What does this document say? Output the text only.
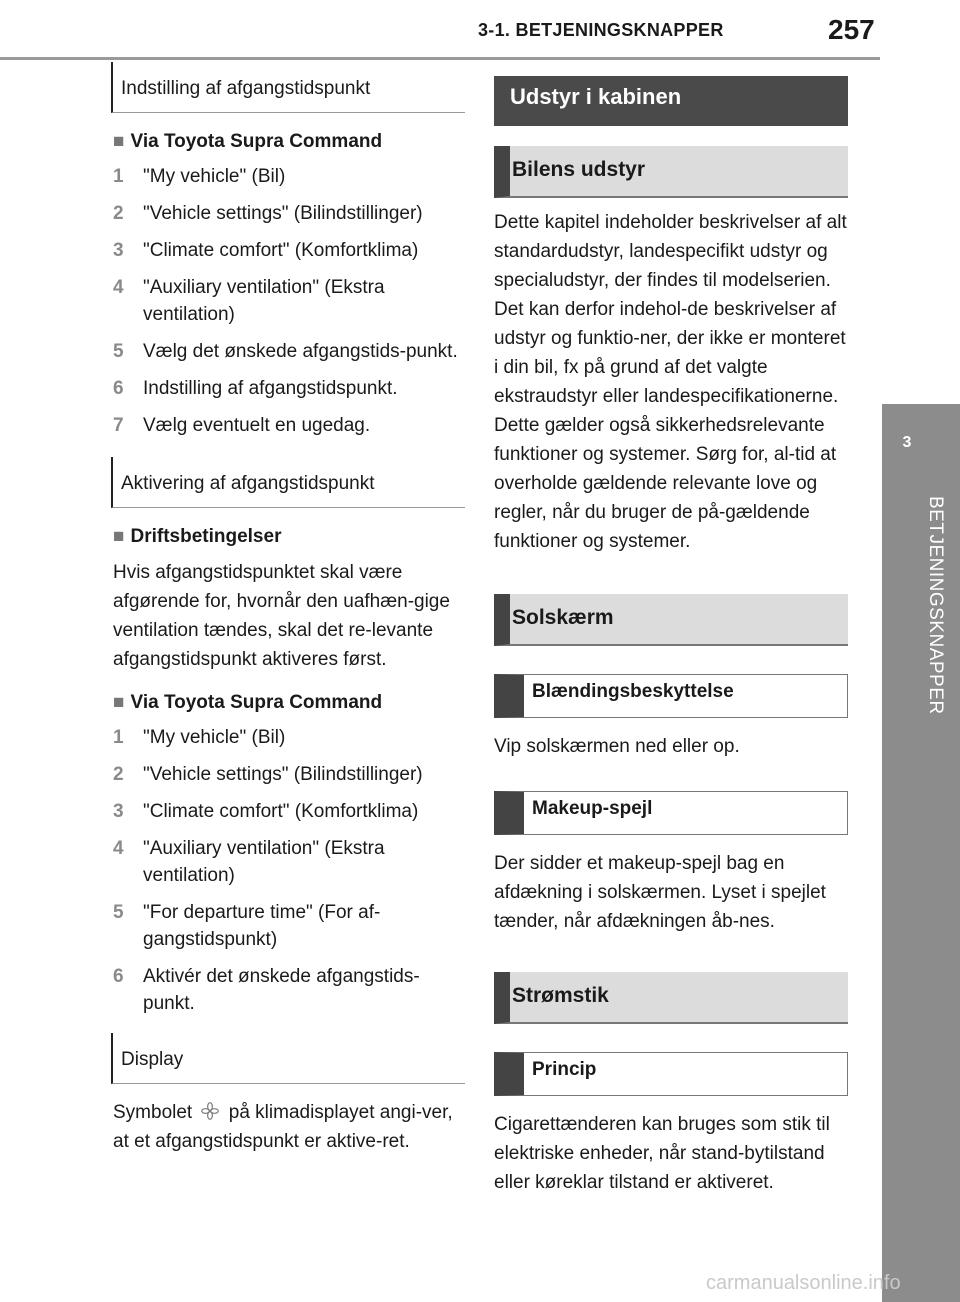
3-1. BETJENINGSKNAPPER	257
3
BETJENINGSKNAPPER
Indstilling af afgangstidspunkt
■ Via Toyota Supra Command
1	"My vehicle" (Bil)
2	"Vehicle settings" (Bilindstillinger)
3	"Climate comfort" (Komfortklima)
4	"Auxiliary ventilation" (Ekstra ventilation)
5	Vælg det ønskede afgangstids-punkt.
6	Indstilling af afgangstidspunkt.
7	Vælg eventuelt en ugedag.
Aktivering af afgangstidspunkt
■ Driftsbetingelser

Hvis afgangstidspunktet skal være afgørende for, hvornår den uafhæn-gige ventilation tændes, skal det re-levante afgangstidspunkt aktiveres først.

■ Via Toyota Supra Command
1	"My vehicle" (Bil)
2	"Vehicle settings" (Bilindstillinger)
3	"Climate comfort" (Komfortklima)
4	"Auxiliary ventilation" (Ekstra ventilation)
5	"For departure time" (For af-gangstidspunkt)
6	Aktivér det ønskede afgangstids-punkt.
Display

Symbolet på klimadisplayet angi-ver, at et afgangstidspunkt er aktive-ret.

Udstyr i kabinen
Bilens udstyr

Dette kapitel indeholder beskrivelser af alt standardudstyr, landespecifikt udstyr og specialudstyr, der findes til modelserien. Det kan derfor indehol-de beskrivelser af udstyr og funktio-ner, der ikke er monteret i din bil, fx på grund af det valgte ekstraudstyr eller landespecifikationerne. Dette gælder også sikkerhedsrelevante funktioner og systemer. Sørg for, al-tid at overholde gældende relevante love og regler, når du bruger de på-gældende funktioner og systemer.

Solskærm
Blændingsbeskyttelse

Vip solskærmen ned eller op.

Makeup-spejl

Der sidder et makeup-spejl bag en afdækning i solskærmen. Lyset i spejlet tænder, når afdækningen åb-nes.

Strømstik
Princip

Cigarettænderen kan bruges som stik til elektriske enheder, når stand-bytilstand eller køreklar tilstand er aktiveret.

carmanualsonline.info
